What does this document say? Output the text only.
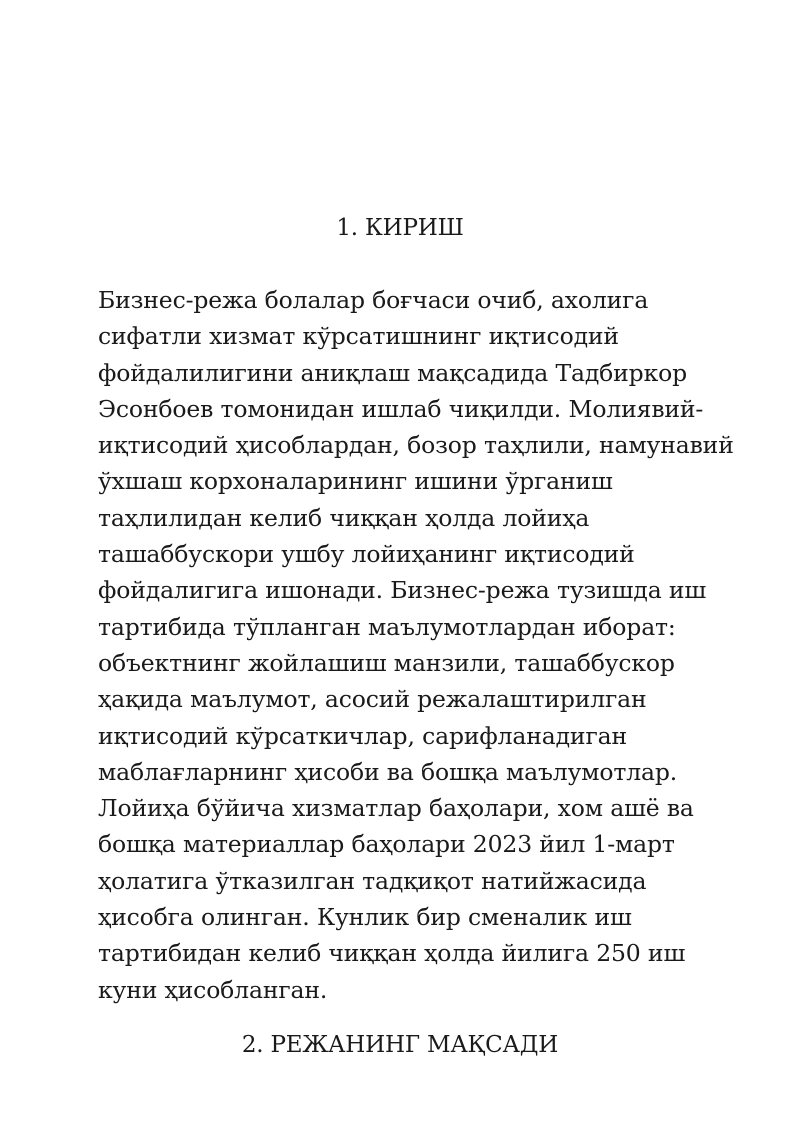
1. КИРИШ
Бизнес-режа болалар боғчаси очиб, ахолига
сифатли хизмат кўрсатишнинг иқтисодий
фойдалилигини аниқлаш мақсадида Тадбиркор
Эсонбоев томонидан ишлаб чиқилди. Молиявий-
иқтисодий ҳисоблардан, бозор таҳлили, намунавий
ўхшаш корхоналарининг ишини ўрганиш
таҳлилидан келиб чиққан ҳолда лойиҳа
ташаббускори ушбу лойиҳанинг иқтисодий
фойдалигига ишонади. Бизнес-режа тузишда иш
тартибида тўпланган маълумотлардан иборат:
объектнинг жойлашиш манзили, ташаббускор
ҳақида маълумот, асосий режалаштирилган
иқтисодий кўрсаткичлар, сарифланадиган
маблағларнинг ҳисоби ва бошқа маълумотлар.
Лойиҳа бўйича хизматлар баҳолари, хом ашё ва
бошқа материаллар баҳолари 2023 йил 1-март
ҳолатига ўтказилган тадқиқот натийжасида
ҳисобга олинган. Кунлик бир сменалик иш
тартибидан келиб чиққан ҳолда йилига 250 иш
куни ҳисобланган.
2. РЕЖАНИНГ МАҚСАДИ
